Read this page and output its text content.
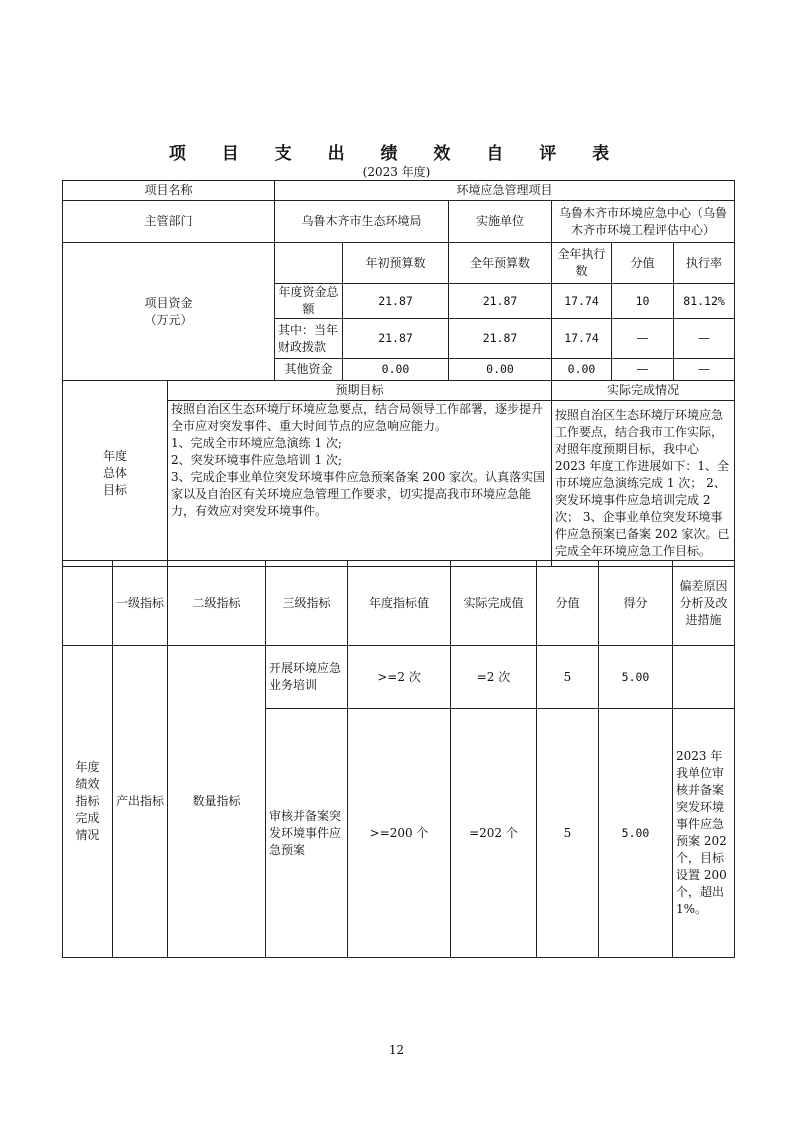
项 目 支 出 绩 效 自 评 表
(2023 年度)
项目名称		环境应急管理项目						
主管部门		乌鲁木齐市生态环境局		实施单位	乌鲁木齐市环境应急中心（乌鲁木齐市环境工程评估中心）			

项目资金
（万元）			年初预算数	全年预算数	全年执行数	分值	执行率	
		年度资金总额	21.87	21.87	17.74	10	81.12%	
		其中：当年财政拨款	21.87	21.87	17.74	—	—	
		其他资金	0.00	0.00	0.00	—	—	

年度
总体
目标	预期目标				实际完成情况			

	按照自治区生态环境厅环境应急要点，结合局领导工作部署，逐步提升全市应对突发事件、重大时间节点的应急响应能力。
1、完成全市环境应急演练 1 次;
2、突发环境事件应急培训 1 次;
3、完成企事业单位突发环境事件应急预案备案 200 家次。认真落实国家以及自治区有关环境应急管理工作要求，切实提高我市环境应急能力，有效应对突发环境事件。				按照自治区生态环境厅环境应急工作要点，结合我市工作实际，对照年度预期目标，我中心 2023 年度工作进展如下：1、全市环境应急演练完成 1 次； 2、突发环境事件应急培训完成 2 次； 3、企事业单位突发环境事件应急预案已备案 202 家次。已完成全年环境应急工作目标。			
	一级指标	二级指标	三级指标	年度指标值	实际完成值	分值	得分	偏差原因分析及改进措施

年度
绩效
指标
完成
情况	产出指标	数量指标	开展环境应急业务培训	>=2 次	=2 次	5	5.00	
			审核并备案突发环境事件应急预案	>=200 个	=202 个	5	5.00	2023 年我单位审核并备案突发环境事件应急预案 202 个，目标设置 200 个，超出 1%。
12
